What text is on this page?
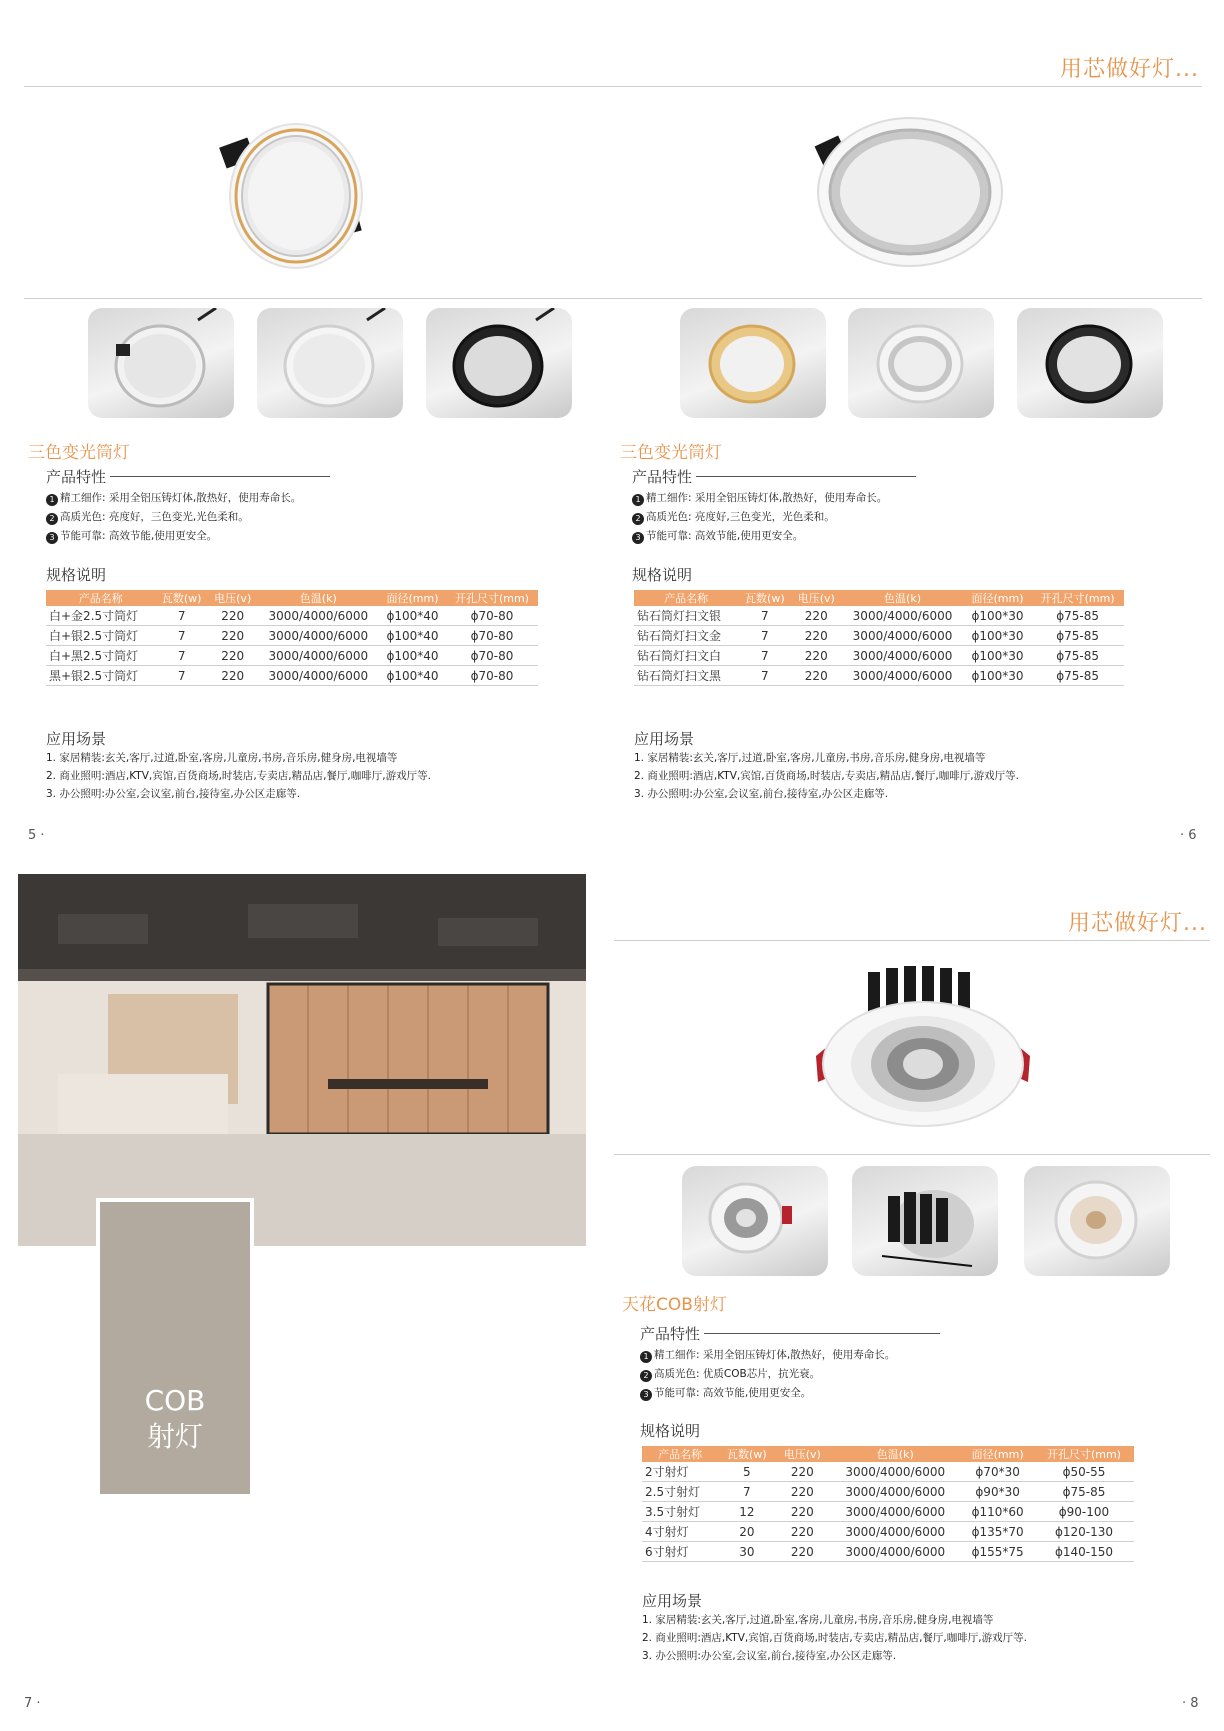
用芯做好灯...
三色变光筒灯
产品特性
1 精工细作: 采用全铝压铸灯体,散热好，使用寿命长。
2 高质光色: 亮度好，三色变光,光色柔和。
3 节能可靠: 高效节能,使用更安全。
规格说明
产品名称	瓦数(w)	电压(v)	色温(k)	面径(mm)	开孔尺寸(mm)
白+金2.5寸筒灯	7	220	3000/4000/6000	ϕ100*40	ϕ70-80
白+银2.5寸筒灯	7	220	3000/4000/6000	ϕ100*40	ϕ70-80
白+黑2.5寸筒灯	7	220	3000/4000/6000	ϕ100*40	ϕ70-80
黑+银2.5寸筒灯	7	220	3000/4000/6000	ϕ100*40	ϕ70-80
应用场景
1. 家居精装:玄关,客厅,过道,卧室,客房,儿童房,书房,音乐房,健身房,电视墙等
2. 商业照明:酒店,KTV,宾馆,百货商场,时装店,专卖店,精品店,餐厅,咖啡厅,游戏厅等.
3. 办公照明:办公室,会议室,前台,接待室,办公区走廊等.
5 ·
三色变光筒灯
产品特性
1 精工细作: 采用全铝压铸灯体,散热好，使用寿命长。
2 高质光色: 亮度好,三色变光，光色柔和。
3 节能可靠: 高效节能,使用更安全。
规格说明
产品名称	瓦数(w)	电压(v)	色温(k)	面径(mm)	开孔尺寸(mm)
钻石筒灯扫文银	7	220	3000/4000/6000	ϕ100*30	ϕ75-85
钻石筒灯扫文金	7	220	3000/4000/6000	ϕ100*30	ϕ75-85
钻石筒灯扫文白	7	220	3000/4000/6000	ϕ100*30	ϕ75-85
钻石筒灯扫文黑	7	220	3000/4000/6000	ϕ100*30	ϕ75-85
应用场景
1. 家居精装:玄关,客厅,过道,卧室,客房,儿童房,书房,音乐房,健身房,电视墙等
2. 商业照明:酒店,KTV,宾馆,百货商场,时装店,专卖店,精品店,餐厅,咖啡厅,游戏厅等.
3. 办公照明:办公室,会议室,前台,接待室,办公区走廊等.
· 6
COB
射灯
7 ·
用芯做好灯...
天花COB射灯
产品特性
1 精工细作: 采用全铝压铸灯体,散热好，使用寿命长。
2 高质光色: 优质COB芯片，抗光衰。
3 节能可靠: 高效节能,使用更安全。
规格说明
产品名称	瓦数(w)	电压(v)	色温(k)	面径(mm)	开孔尺寸(mm)
2寸射灯	5	220	3000/4000/6000	ϕ70*30	ϕ50-55
2.5寸射灯	7	220	3000/4000/6000	ϕ90*30	ϕ75-85
3.5寸射灯	12	220	3000/4000/6000	ϕ110*60	ϕ90-100
4寸射灯	20	220	3000/4000/6000	ϕ135*70	ϕ120-130
6寸射灯	30	220	3000/4000/6000	ϕ155*75	ϕ140-150
应用场景
1. 家居精装:玄关,客厅,过道,卧室,客房,儿童房,书房,音乐房,健身房,电视墙等
2. 商业照明:酒店,KTV,宾馆,百货商场,时装店,专卖店,精品店,餐厅,咖啡厅,游戏厅等.
3. 办公照明:办公室,会议室,前台,接待室,办公区走廊等.
· 8
